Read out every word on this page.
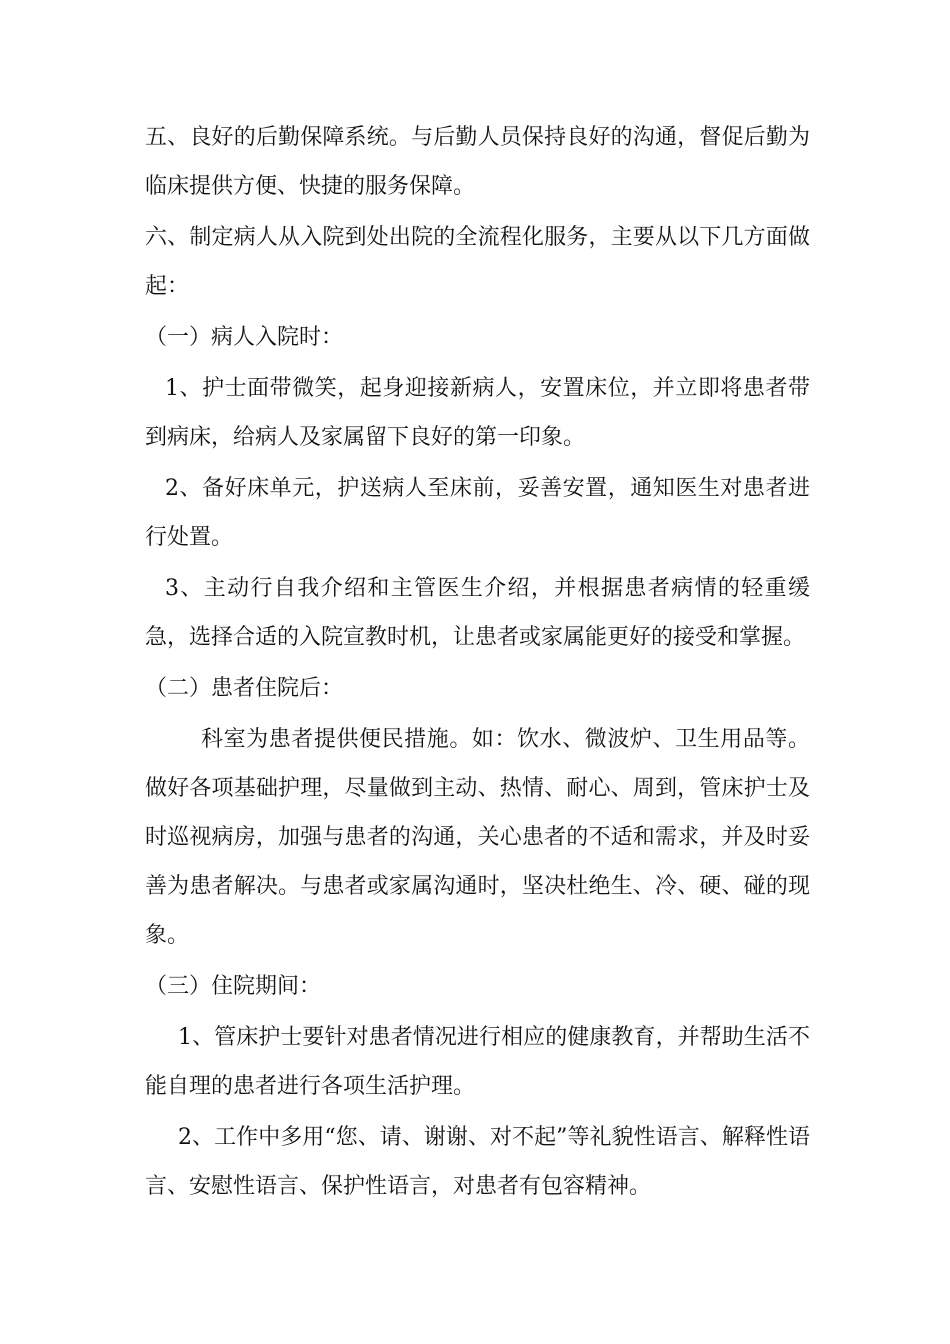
五、良好的后勤保障系统。与后勤人员保持良好的沟通，督促后勤为临床提供方便、快捷的服务保障。

六、制定病人从入院到处出院的全流程化服务，主要从以下几方面做起：

（一）病人入院时：

1、护士面带微笑，起身迎接新病人，安置床位，并立即将患者带到病床，给病人及家属留下良好的第一印象。

2、备好床单元，护送病人至床前，妥善安置，通知医生对患者进行处置。

3、主动行自我介绍和主管医生介绍，并根据患者病情的轻重缓急，选择合适的入院宣教时机，让患者或家属能更好的接受和掌握。

（二）患者住院后：

科室为患者提供便民措施。如：饮水、微波炉、卫生用品等。做好各项基础护理，尽量做到主动、热情、耐心、周到，管床护士及时巡视病房，加强与患者的沟通，关心患者的不适和需求，并及时妥善为患者解决。与患者或家属沟通时，坚决杜绝生、冷、硬、碰的现象。

（三）住院期间：

1、管床护士要针对患者情况进行相应的健康教育，并帮助生活不能自理的患者进行各项生活护理。

2、工作中多用“您、请、谢谢、对不起”等礼貌性语言、解释性语言、安慰性语言、保护性语言，对患者有包容精神。
